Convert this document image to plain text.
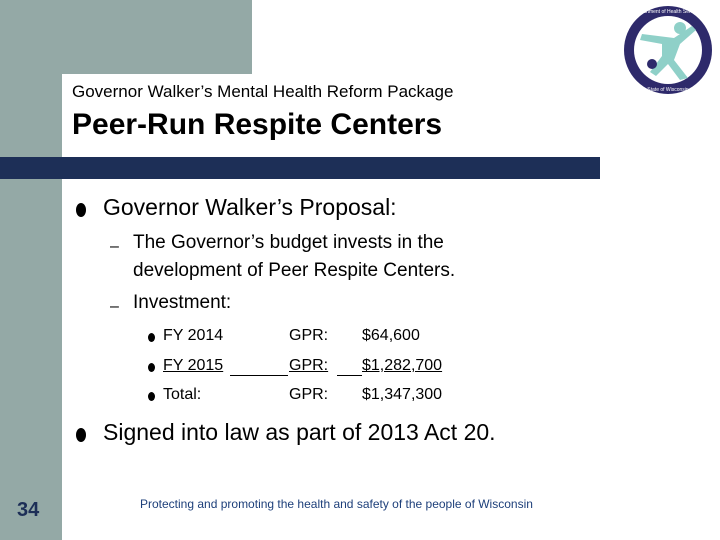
Department of Health Services
State of Wisconsin
Governor Walker’s Mental Health Reform Package
Peer-Run Respite Centers
Governor Walker’s Proposal:
– The Governor’s budget invests in the
development of Peer Respite Centers.
– Investment:
FY 2014	GPR: $64,600
FY 2015	GPR: $1,282,700
Total:	GPR: $1,347,300
Signed into law as part of 2013 Act 20.
34	Protecting and promoting the health and safety of the people of Wisconsin
